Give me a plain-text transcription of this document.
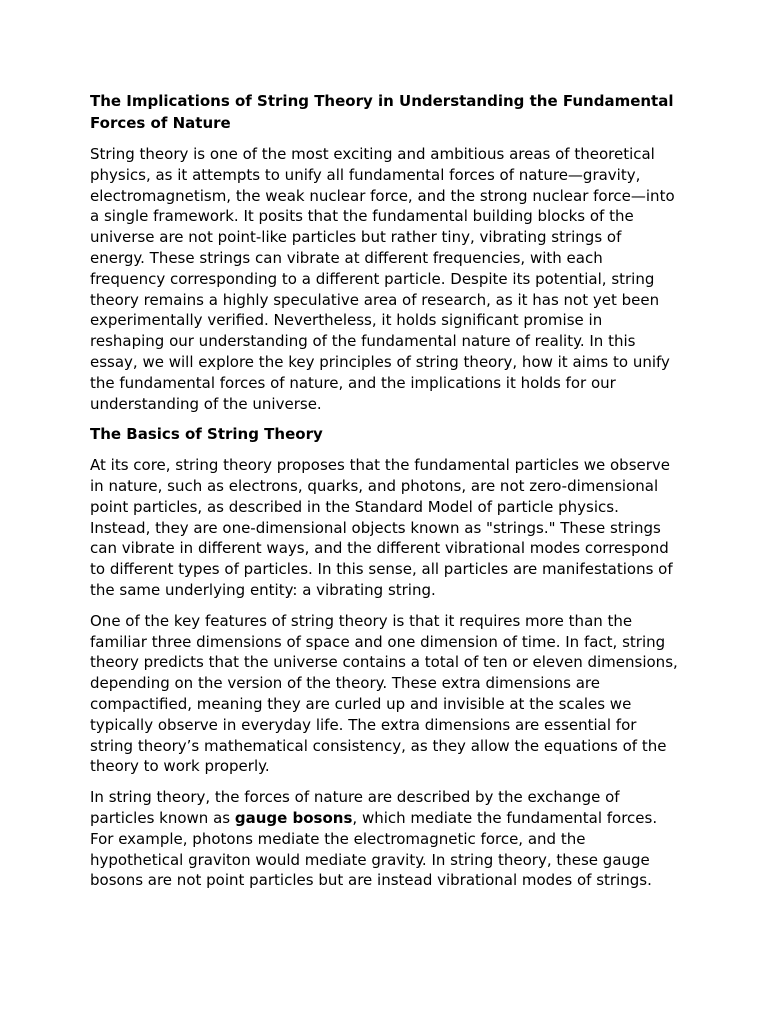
The Implications of String Theory in Understanding the Fundamental Forces of Nature
String theory is one of the most exciting and ambitious areas of theoretical physics, as it attempts to unify all fundamental forces of nature—gravity, electromagnetism, the weak nuclear force, and the strong nuclear force—into a single framework. It posits that the fundamental building blocks of the universe are not point-like particles but rather tiny, vibrating strings of energy. These strings can vibrate at different frequencies, with each frequency corresponding to a different particle. Despite its potential, string theory remains a highly speculative area of research, as it has not yet been experimentally verified. Nevertheless, it holds significant promise in reshaping our understanding of the fundamental nature of reality. In this essay, we will explore the key principles of string theory, how it aims to unify the fundamental forces of nature, and the implications it holds for our understanding of the universe.
The Basics of String Theory
At its core, string theory proposes that the fundamental particles we observe in nature, such as electrons, quarks, and photons, are not zero-dimensional point particles, as described in the Standard Model of particle physics. Instead, they are one-dimensional objects known as "strings." These strings can vibrate in different ways, and the different vibrational modes correspond to different types of particles. In this sense, all particles are manifestations of the same underlying entity: a vibrating string.
One of the key features of string theory is that it requires more than the familiar three dimensions of space and one dimension of time. In fact, string theory predicts that the universe contains a total of ten or eleven dimensions, depending on the version of the theory. These extra dimensions are compactified, meaning they are curled up and invisible at the scales we typically observe in everyday life. The extra dimensions are essential for string theory’s mathematical consistency, as they allow the equations of the theory to work properly.
In string theory, the forces of nature are described by the exchange of particles known as gauge bosons, which mediate the fundamental forces. For example, photons mediate the electromagnetic force, and the hypothetical graviton would mediate gravity. In string theory, these gauge bosons are not point particles but are instead vibrational modes of strings.
